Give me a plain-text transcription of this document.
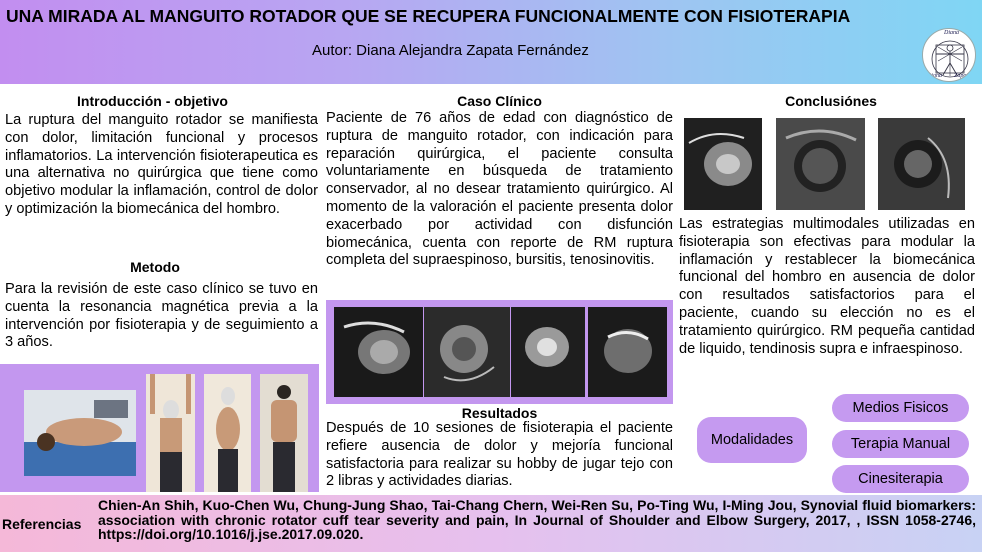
UNA MIRADA AL MANGUITO ROTADOR QUE SE RECUPERA FUNCIONALMENTE CON FISIOTERAPIA
Autor: Diana Alejandra Zapata Fernández
Diana
Diana Zapata
Introducción - objetivo
La ruptura del manguito rotador se manifiesta con dolor, limitación funcional y procesos inflamatorios. La intervención fisioterapeutica es una alternativa no quirúrgica que tiene como objetivo modular la inflamación, control de dolor y optimización la biomecánica del hombro.
Metodo
Para la revisión de este caso clínico se tuvo en cuenta la resonancia magnética previa a la intervención por fisioterapia y de seguimiento a 3 años.
Caso Clínico
Paciente de 76 años de edad con diagnóstico de ruptura de manguito rotador, con indicación para reparación quirúrgica, el paciente consulta voluntariamente en búsqueda de tratamiento conservador, al no desear tratamiento quirúrgico. Al momento de la valoración el paciente presenta dolor exacerbado por actividad con disfunción biomecánica, cuenta con reporte de RM ruptura completa del supraespinoso, bursitis, tenosinovitis.
Resultados
Después de 10 sesiones de fisioterapia el paciente refiere ausencia de dolor y mejoría funcional satisfactoria para realizar su hobby de jugar tejo con 2 libras y actividades diarias.
Conclusiónes
Las estrategias multimodales utilizadas en fisioterapia son efectivas para modular la inflamación y restablecer la biomecánica funcional del hombro en ausencia de dolor con resultados satisfactorios para el paciente, cuando su elección no es el tratamiento quirúrgico. RM pequeña cantidad de liquido, tendinosis supra e infraespinoso.
Modalidades
Medios Fisicos
Terapia Manual
Cinesiterapia
Referencias
Chien-An Shih, Kuo-Chen Wu, Chung-Jung Shao, Tai-Chang Chern, Wei-Ren Su, Po-Ting Wu, I-Ming Jou, Synovial fluid biomarkers: association with chronic rotator cuff tear severity and pain, In Journal of Shoulder and Elbow Surgery, 2017, , ISSN 1058-2746, https://doi.org/10.1016/j.jse.2017.09.020.
